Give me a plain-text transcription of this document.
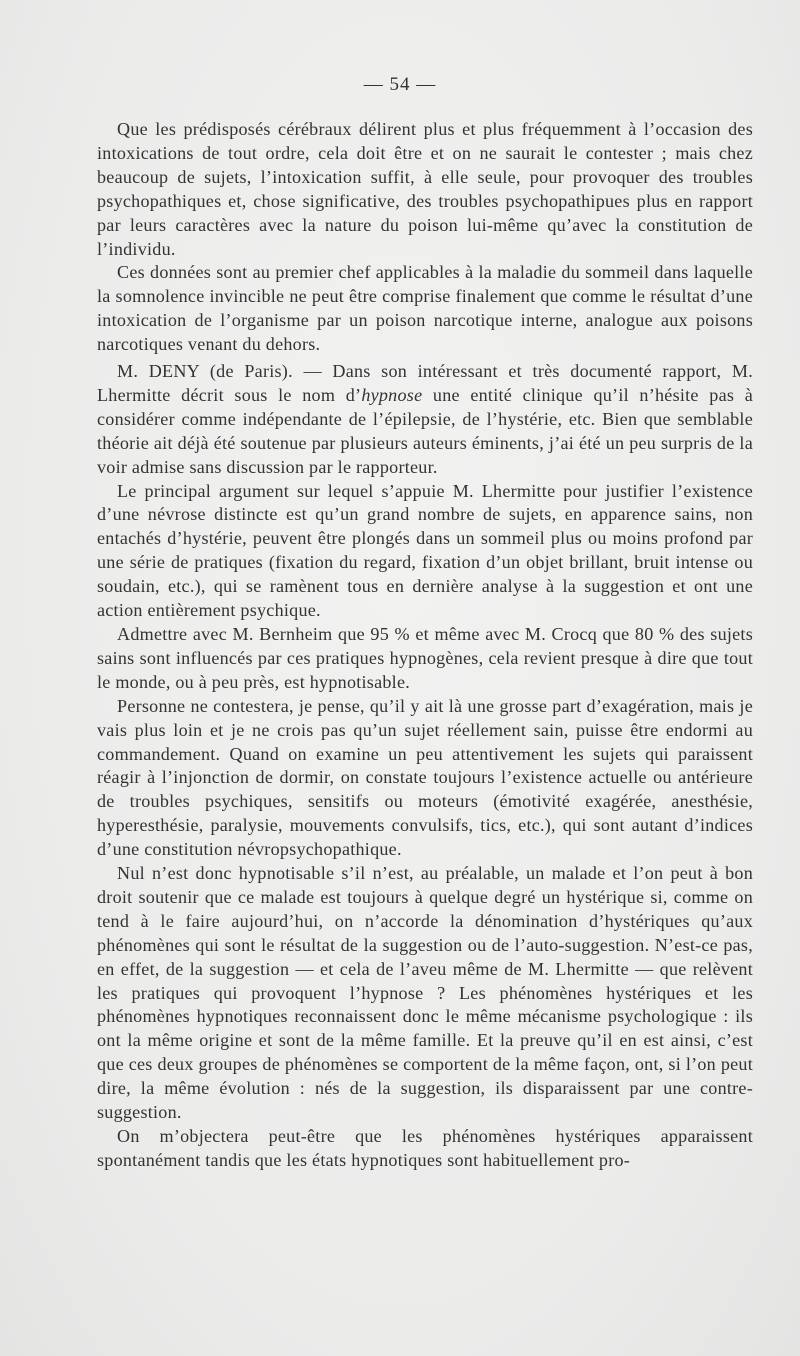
— 54 —

Que les prédisposés cérébraux délirent plus et plus fréquemment à l’occasion des intoxications de tout ordre, cela doit être et on ne saurait le contester ; mais chez beaucoup de sujets, l’intoxication suffit, à elle seule, pour provoquer des troubles psychopathiques et, chose significative, des troubles psychopathipues plus en rapport par leurs caractères avec la nature du poison lui-même qu’avec la constitution de l’individu.

Ces données sont au premier chef applicables à la maladie du sommeil dans laquelle la somnolence invincible ne peut être comprise finalement que comme le résultat d’une intoxication de l’organisme par un poison narcotique interne, analogue aux poisons narcotiques venant du dehors.

M. DENY (de Paris). — Dans son intéressant et très documenté rapport, M. Lhermitte décrit sous le nom d’hypnose une entité clinique qu’il n’hésite pas à considérer comme indépendante de l’épilepsie, de l’hystérie, etc. Bien que semblable théorie ait déjà été soutenue par plusieurs auteurs éminents, j’ai été un peu surpris de la voir admise sans discussion par le rapporteur.

Le principal argument sur lequel s’appuie M. Lhermitte pour justifier l’existence d’une névrose distincte est qu’un grand nombre de sujets, en apparence sains, non entachés d’hystérie, peuvent être plongés dans un sommeil plus ou moins profond par une série de pratiques (fixation du regard, fixation d’un objet brillant, bruit intense ou soudain, etc.), qui se ramènent tous en dernière analyse à la suggestion et ont une action entièrement psychique.

Admettre avec M. Bernheim que 95 % et même avec M. Crocq que 80 % des sujets sains sont influencés par ces pratiques hypnogènes, cela revient presque à dire que tout le monde, ou à peu près, est hypnotisable.

Personne ne contestera, je pense, qu’il y ait là une grosse part d’exagération, mais je vais plus loin et je ne crois pas qu’un sujet réellement sain, puisse être endormi au commandement. Quand on examine un peu attentivement les sujets qui paraissent réagir à l’injonction de dormir, on constate toujours l’existence actuelle ou antérieure de troubles psychiques, sensitifs ou moteurs (émotivité exagérée, anesthésie, hyperesthésie, paralysie, mouvements convulsifs, tics, etc.), qui sont autant d’indices d’une constitution névropsychopathique.

Nul n’est donc hypnotisable s’il n’est, au préalable, un malade et l’on peut à bon droit soutenir que ce malade est toujours à quelque degré un hystérique si, comme on tend à le faire aujourd’hui, on n’accorde la dénomination d’hystériques qu’aux phénomènes qui sont le résultat de la suggestion ou de l’auto-suggestion. N’est-ce pas, en effet, de la suggestion — et cela de l’aveu même de M. Lhermitte — que relèvent les pratiques qui provoquent l’hypnose ? Les phénomènes hystériques et les phénomènes hypnotiques reconnaissent donc le même mécanisme psychologique : ils ont la même origine et sont de la même famille. Et la preuve qu’il en est ainsi, c’est que ces deux groupes de phénomènes se comportent de la même façon, ont, si l’on peut dire, la même évolution : nés de la suggestion, ils disparaissent par une contre-suggestion.

On m’objectera peut-être que les phénomènes hystériques apparaissent spontanément tandis que les états hypnotiques sont habituellement pro-
